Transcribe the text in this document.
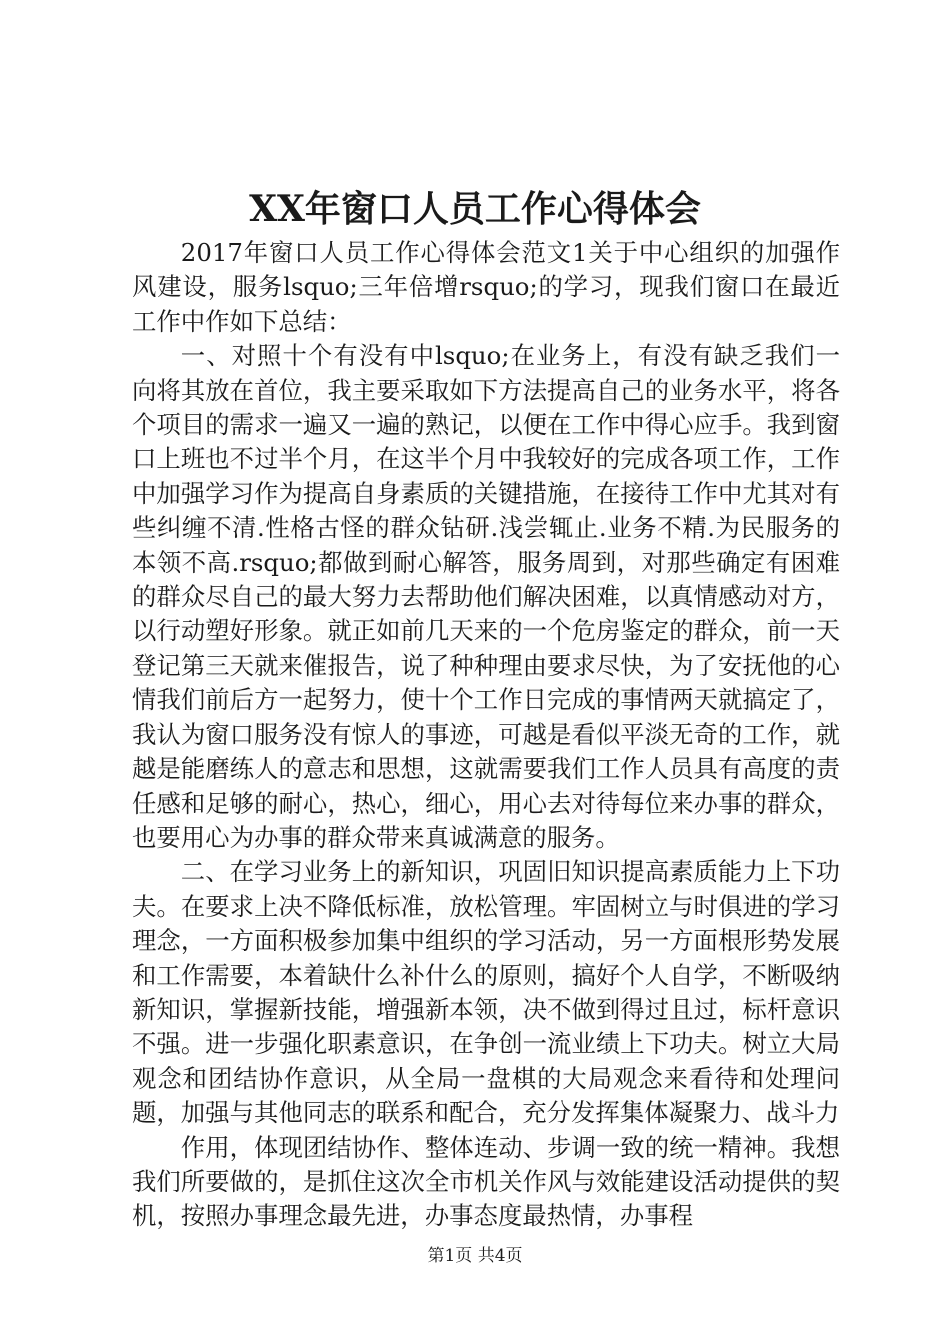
XX年窗口人员工作心得体会

2017年窗口人员工作心得体会范文1关于中心组织的加强作风建设，服务lsquo;三年倍增rsquo;的学习，现我们窗口在最近工作中作如下总结：

一、对照十个有没有中lsquo;在业务上，有没有缺乏我们一向将其放在首位，我主要采取如下方法提高自己的业务水平，将各个项目的需求一遍又一遍的熟记，以便在工作中得心应手。我到窗口上班也不过半个月，在这半个月中我较好的完成各项工作，工作中加强学习作为提高自身素质的关键措施，在接待工作中尤其对有些纠缠不清.性格古怪的群众钻研.浅尝辄止.业务不精.为民服务的本领不高.rsquo;都做到耐心解答，服务周到，对那些确定有困难的群众尽自己的最大努力去帮助他们解决困难，以真情感动对方，以行动塑好形象。就正如前几天来的一个危房鉴定的群众，前一天登记第三天就来催报告，说了种种理由要求尽快，为了安抚他的心情我们前后方一起努力，使十个工作日完成的事情两天就搞定了，我认为窗口服务没有惊人的事迹，可越是看似平淡无奇的工作，就越是能磨练人的意志和思想，这就需要我们工作人员具有高度的责任感和足够的耐心，热心，细心，用心去对待每位来办事的群众，也要用心为办事的群众带来真诚满意的服务。

二、在学习业务上的新知识，巩固旧知识提高素质能力上下功夫。在要求上决不降低标准，放松管理。牢固树立与时俱进的学习理念，一方面积极参加集中组织的学习活动，另一方面根形势发展和工作需要，本着缺什么补什么的原则，搞好个人自学，不断吸纳新知识，掌握新技能，增强新本领，决不做到得过且过，标杆意识不强。进一步强化职素意识，在争创一流业绩上下功夫。树立大局观念和团结协作意识，从全局一盘棋的大局观念来看待和处理问题，加强与其他同志的联系和配合，充分发挥集体凝聚力、战斗力

作用，体现团结协作、整体连动、步调一致的统一精神。我想我们所要做的，是抓住这次全市机关作风与效能建设活动提供的契机，按照办事理念最先进，办事态度最热情，办事程

第1页 共4页
